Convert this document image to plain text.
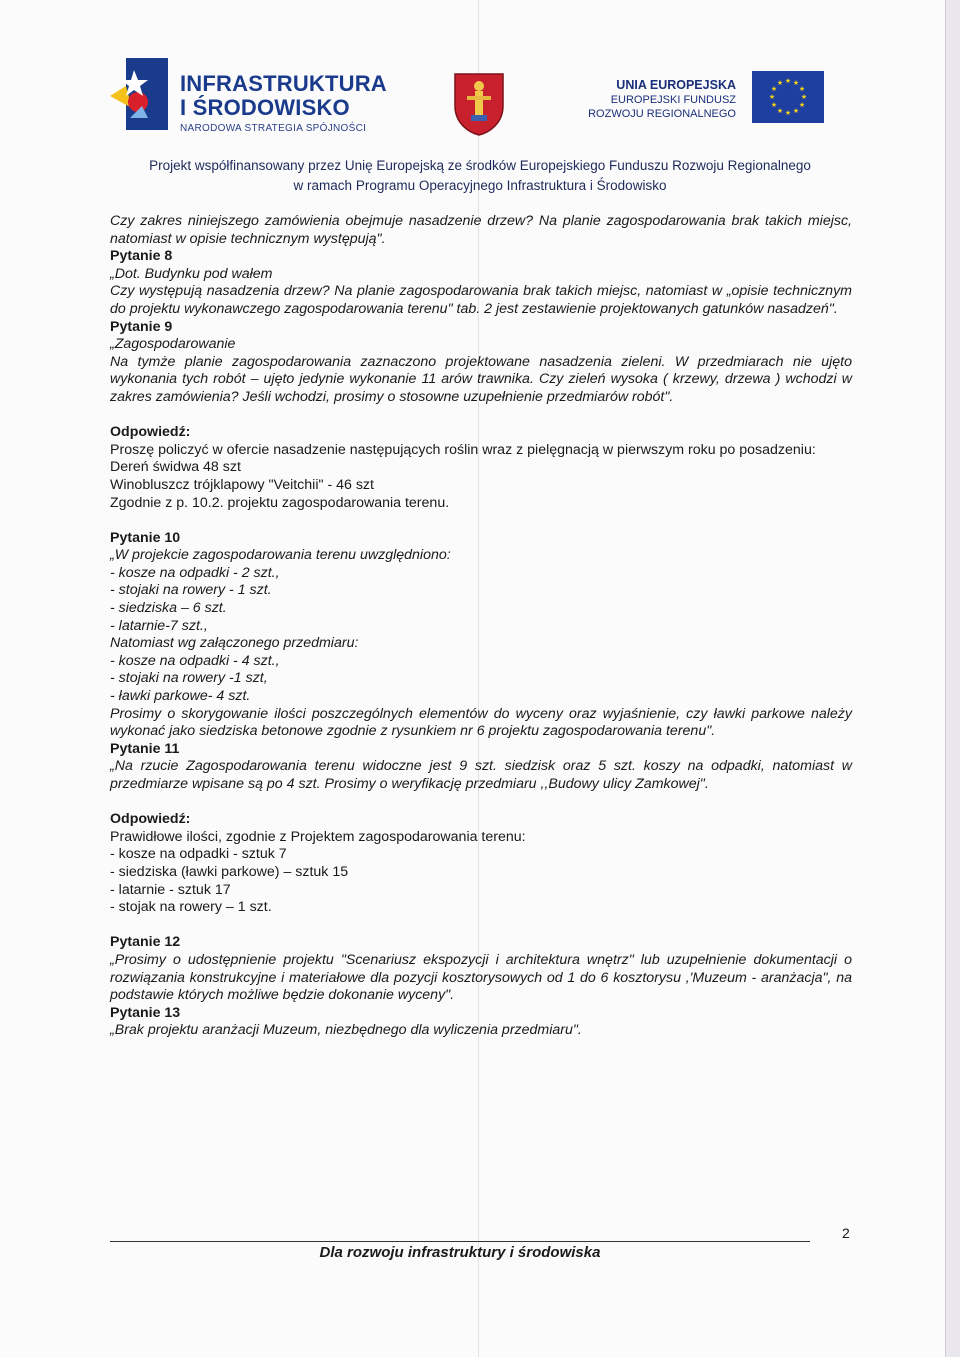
INFRASTRUKTURA
I ŚRODOWISKO
NARODOWA STRATEGIA SPÓJNOŚCI
UNIA EUROPEJSKA
EUROPEJSKI FUNDUSZ
ROZWOJU REGIONALNEGO
★ ★
★
★
★
★
★
★
★
★
★
★
Projekt współfinansowany przez Unię Europejską ze środków Europejskiego Funduszu Rozwoju Regionalnego
w ramach Programu Operacyjnego Infrastruktura i Środowisko

Czy zakres niniejszego zamówienia obejmuje nasadzenie drzew? Na planie zagospodarowania brak takich miejsc, natomiast w opisie technicznym występują".

Pytanie 8

„Dot. Budynku pod wałem

Czy występują nasadzenia drzew? Na planie zagospodarowania brak takich miejsc, natomiast w „opisie technicznym do projektu wykonawczego zagospodarowania terenu" tab. 2 jest zestawienie projektowanych gatunków nasadzeń".

Pytanie 9

„Zagospodarowanie

Na tymże planie zagospodarowania zaznaczono projektowane nasadzenia zieleni. W przedmiarach nie ujęto wykonania tych robót – ujęto jedynie wykonanie 11 arów trawnika. Czy zieleń wysoka ( krzewy, drzewa ) wchodzi w zakres zamówienia? Jeśli wchodzi, prosimy o stosowne uzupełnienie przedmiarów robót".

Odpowiedź:

Proszę policzyć w ofercie nasadzenie następujących roślin wraz z pielęgnacją w pierwszym roku po posadzeniu:

Dereń świdwa 48 szt

Winobluszcz trójklapowy "Veitchii" - 46 szt

Zgodnie z p. 10.2. projektu zagospodarowania terenu.

Pytanie 10

„W projekcie zagospodarowania terenu uwzględniono:

- kosze na odpadki - 2 szt.,

- stojaki na rowery - 1 szt.

- siedziska – 6 szt.

- latarnie-7 szt.,

Natomiast wg załączonego przedmiaru:

- kosze na odpadki - 4 szt.,

- stojaki na rowery -1 szt,

- ławki parkowe- 4 szt.

Prosimy o skorygowanie ilości poszczególnych elementów do wyceny oraz wyjaśnienie, czy ławki parkowe należy wykonać jako siedziska betonowe zgodnie z rysunkiem nr 6 projektu zagospodarowania terenu".

Pytanie 11

„Na rzucie Zagospodarowania terenu widoczne jest 9 szt. siedzisk oraz 5 szt. koszy na odpadki, natomiast w przedmiarze wpisane są po 4 szt. Prosimy o weryfikację przedmiaru ,,Budowy ulicy Zamkowej".

Odpowiedź:

Prawidłowe ilości, zgodnie z Projektem zagospodarowania terenu:

- kosze na odpadki - sztuk 7

- siedziska (ławki parkowe) – sztuk 15

- latarnie - sztuk 17

- stojak na rowery – 1 szt.

Pytanie 12

„Prosimy o udostępnienie projektu "Scenariusz ekspozycji i architektura wnętrz" lub uzupełnienie dokumentacji o rozwiązania konstrukcyjne i materiałowe dla pozycji kosztorysowych od 1 do 6 kosztorysu ,'Muzeum - aranżacja", na podstawie których możliwe będzie dokonanie wyceny".

Pytanie 13

„Brak projektu aranżacji Muzeum, niezbędnego dla wyliczenia przedmiaru".

2
Dla rozwoju infrastruktury i środowiska
